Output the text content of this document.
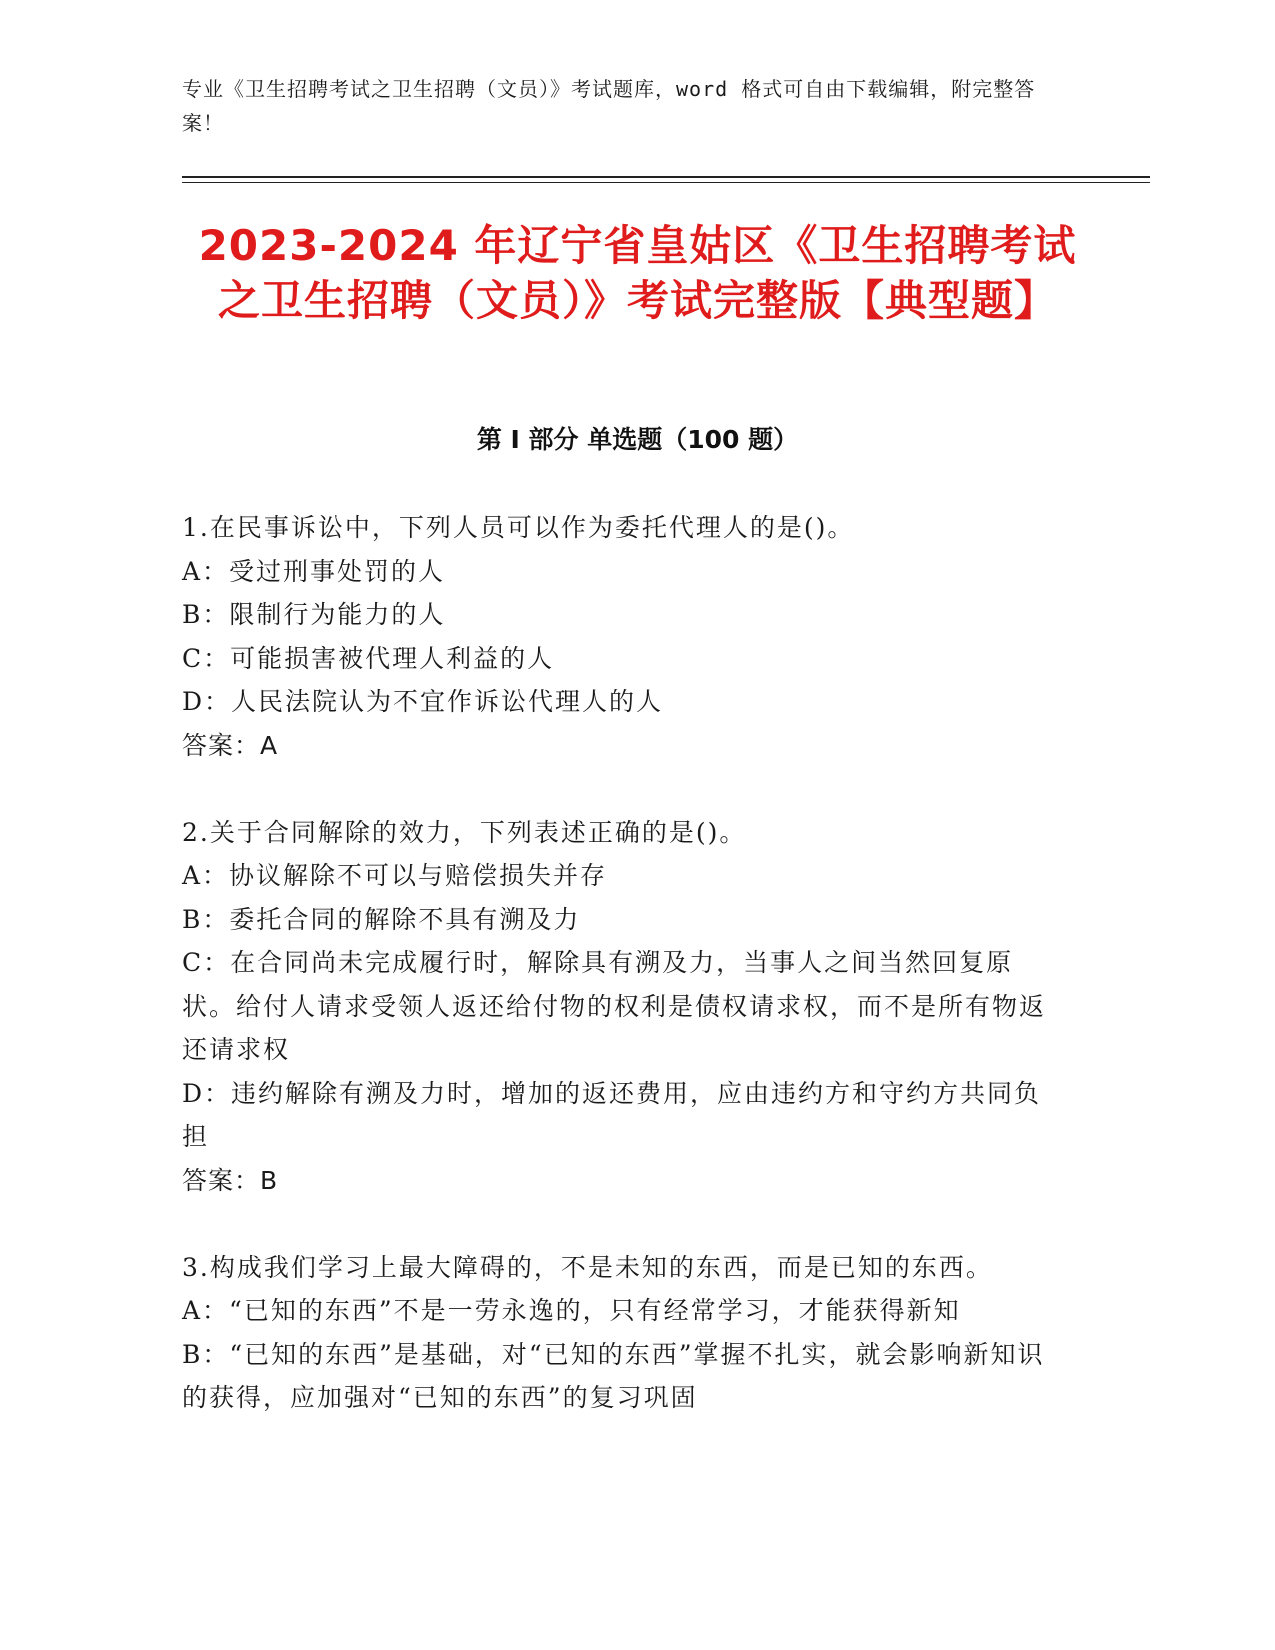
专业《卫生招聘考试之卫生招聘（文员）》考试题库，word 格式可自由下载编辑，附完整答案！
2023-2024 年辽宁省皇姑区《卫生招聘考试之卫生招聘（文员）》考试完整版【典型题】
第 I 部分 单选题（100 题）

1.在民事诉讼中，下列人员可以作为委托代理人的是()。

A：受过刑事处罚的人

B：限制行为能力的人

C：可能损害被代理人利益的人

D：人民法院认为不宜作诉讼代理人的人

答案：A

2.关于合同解除的效力，下列表述正确的是()。

A：协议解除不可以与赔偿损失并存

B：委托合同的解除不具有溯及力

C：在合同尚未完成履行时，解除具有溯及力，当事人之间当然回复原状。给付人请求受领人返还给付物的权利是债权请求权，而不是所有物返还请求权

D：违约解除有溯及力时，增加的返还费用，应由违约方和守约方共同负担

答案：B

3.构成我们学习上最大障碍的，不是未知的东西，而是已知的东西。

A：“已知的东西”不是一劳永逸的，只有经常学习，才能获得新知

B：“已知的东西”是基础，对“已知的东西”掌握不扎实，就会影响新知识的获得，应加强对“已知的东西”的复习巩固
